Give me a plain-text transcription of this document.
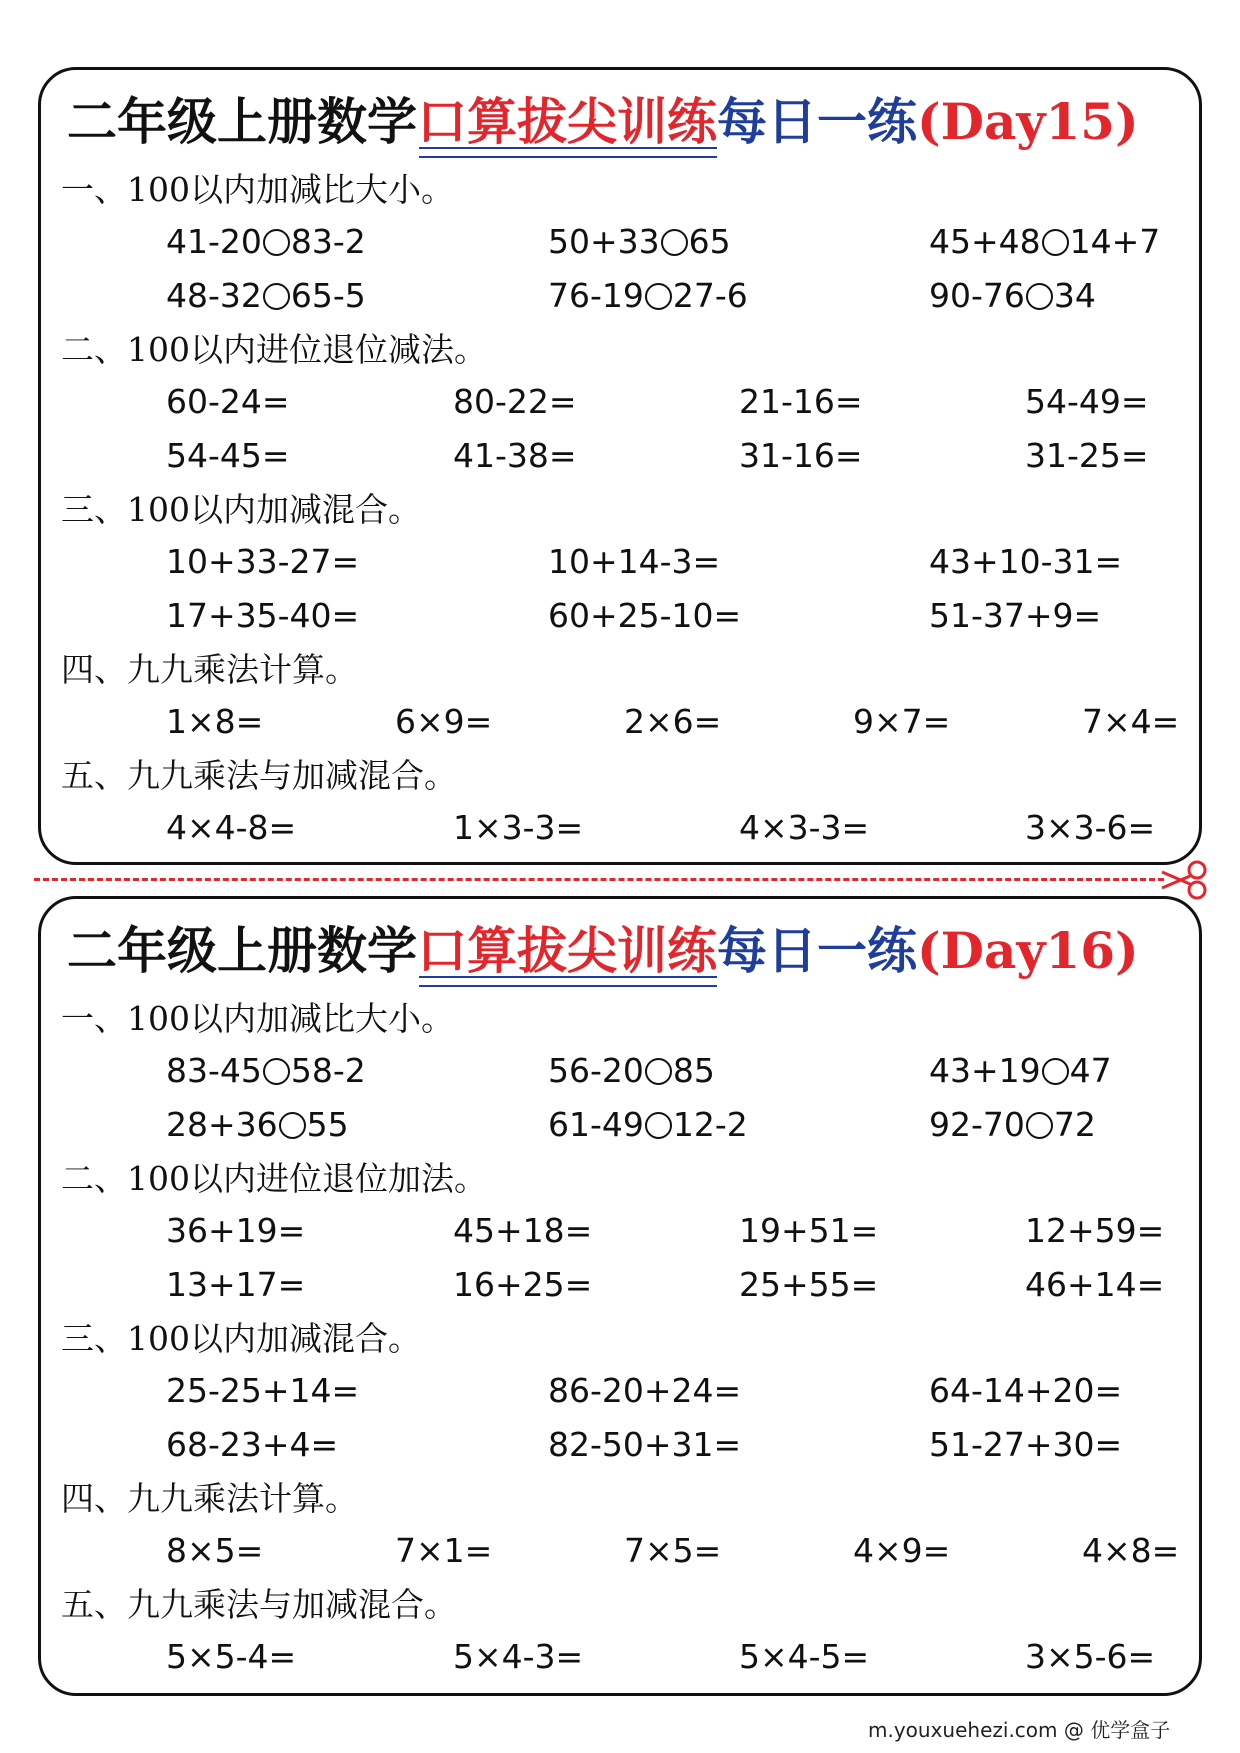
二年级上册数学口算拔尖训练每日一练(Day15)
一、100以内加减比大小。
41-20 83-2	50+33 65	45+48 14+7
48-32 65-5	76-19 27-6	90-76 34
二、100以内进位退位减法。
60-24=	80-22=	21-16=	54-49=
54-45=	41-38=	31-16=	31-25=
三、100以内加减混合。
10+33-27=	10+14-3=	43+10-31=
17+35-40=	60+25-10=	51-37+9=
四、九九乘法计算。
1×8=	6×9=	2×6=	9×7=	7×4=
五、九九乘法与加减混合。
4×4-8=	1×3-3=	4×3-3=	3×3-6=
二年级上册数学口算拔尖训练每日一练(Day16)
一、100以内加减比大小。
83-45 58-2	56-20 85	43+19 47
28+36 55	61-49 12-2	92-70 72
二、100以内进位退位加法。
36+19=	45+18=	19+51=	12+59=
13+17=	16+25=	25+55=	46+14=
三、100以内加减混合。
25-25+14=	86-20+24=	64-14+20=
68-23+4=	82-50+31=	51-27+30=
四、九九乘法计算。
8×5=	7×1=	7×5=	4×9=	4×8=
五、九九乘法与加减混合。
5×5-4=	5×4-3=	5×4-5=	3×5-6=
m.youxuehezi.com @ 优学盒子
